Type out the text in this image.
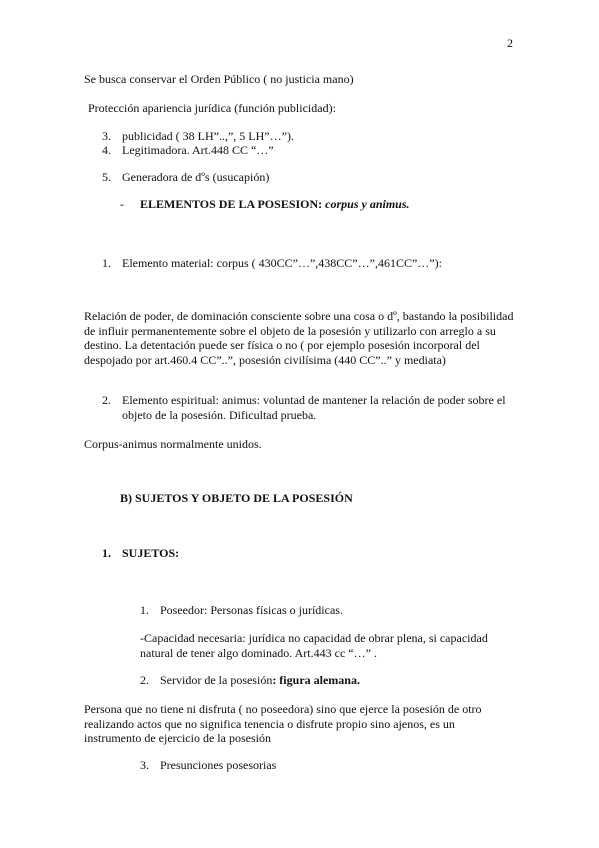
2

Se busca conservar el Orden Público ( no justicia mano)

Protección apariencia jurídica (función publicidad):

3. publicidad ( 38 LH”..,”, 5 LH”…”).
4. Legitimadora. Art.448 CC “…”
5. Generadora de dºs (usucapión)
- ELEMENTOS DE LA POSESION: corpus y animus.
1. Elemento material: corpus ( 430CC”…”,438CC”…”,461CC”…”):

Relación de poder, de dominación consciente sobre una cosa o dº, bastando la posibilidad de influir permanentemente sobre el objeto de la posesión y utilizarlo con arreglo a su destino. La detentación puede ser física o no ( por ejemplo posesión incorporal del despojado por art.460.4 CC”..”, posesión civilísima (440 CC”..” y mediata)

2. Elemento espiritual: animus: voluntad de mantener la relación de poder sobre el objeto de la posesión. Dificultad prueba.

Corpus-animus normalmente unidos.

B) SUJETOS Y OBJETO DE LA POSESIÓN

1. SUJETOS:
1. Poseedor: Personas físicas o jurídicas.

-Capacidad necesaria: jurídica no capacidad de obrar plena, si capacidad natural de tener algo dominado. Art.443 cc “…” .

2. Servidor de la posesión: figura alemana.

Persona que no tiene ni disfruta ( no poseedora) sino que ejerce la posesión de otro realizando actos que no significa tenencia o disfrute propio sino ajenos, es un instrumento de ejercicio de la posesión

3. Presunciones posesorias
